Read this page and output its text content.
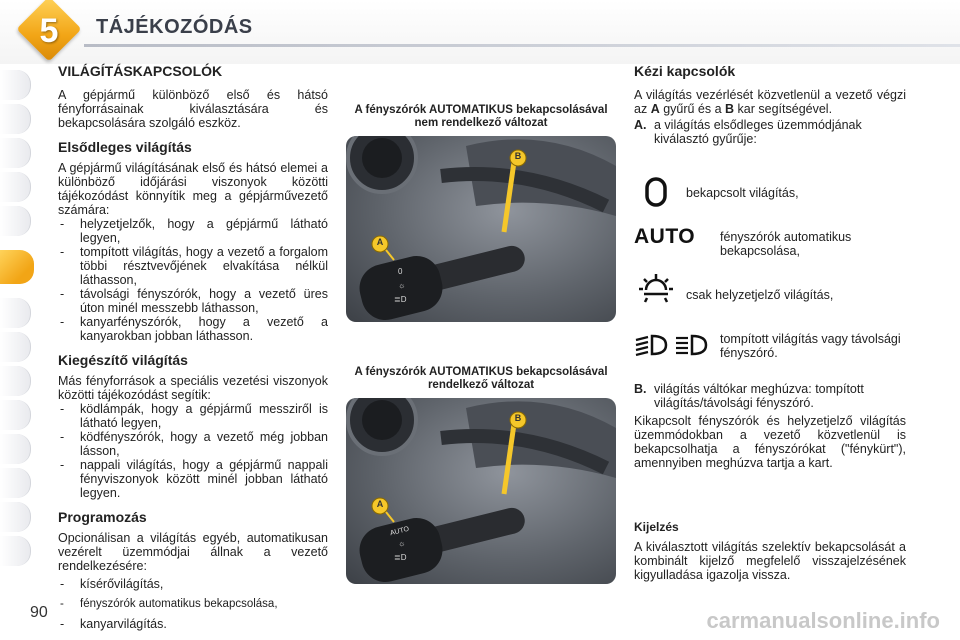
5	TÁJÉKOZÓDÁS
VILÁGÍTÁSKAPCSOLÓK

A gépjármű különböző első és hátsó fényforrásainak kiválasztására és bekapcsolására szolgáló eszköz.

Elsődleges világítás

A gépjármű világításának első és hátsó elemei a különböző időjárási viszonyok közötti tájékozódást könnyítik meg a gépjárművezető számára:

- helyzetjelzők, hogy a gépjármű látható legyen,
- tompított világítás, hogy a vezető a forgalom többi résztvevőjének elvakítása nélkül láthasson,
- távolsági fényszórók, hogy a vezető üres úton minél messzebb láthasson,
- kanyarfényszórók, hogy a vezető a kanyarokban jobban láthasson.
Kiegészítő világítás

Más fényforrások a speciális vezetési viszonyok közötti tájékozódást segítik:

- ködlámpák, hogy a gépjármű messziről is látható legyen,
- ködfényszórók, hogy a vezető még jobban lásson,
- nappali világítás, hogy a gépjármű nappali fényviszonyok között minél jobban látható legyen.
Programozás

Opcionálisan a világítás egyéb, automatikusan vezérelt üzemmódjai állnak a vezető rendelkezésére:

- kísérővilágítás,
- fényszórók automatikus bekapcsolása,
- kanyarvilágítás.
A fényszórók AUTOMATIKUS bekapcsolásával nem rendelkező változat
0
☼
≣D
B
A
A fényszórók AUTOMATIKUS bekapcsolásával rendelkező változat
☼
≣D
B
A
AUTO
Kézi kapcsolók

A világítás vezérlését közvetlenül a vezető végzi az A gyűrű és a B kar segítségével.

A. a világítás elsődleges üzemmódjának kiválasztó gyűrűje:
bekapcsolt világítás,
AUTO fényszórók automatikus bekapcsolása,
csak helyzetjelző világítás,
tompított világítás vagy távolsági fényszóró.
B. világítás váltókar meghúzva: tompított világítás/távolsági fényszóró.

Kikapcsolt fényszórók és helyzetjelző világítás üzemmódokban a vezető közvetlenül is bekapcsolhatja a fényszórókat ("fénykürt"), amennyiben meghúzva tartja a kart.

Kijelzés

A kiválasztott világítás szelektív bekapcsolását a kombinált kijelző megfelelő visszajelzésének kigyulladása igazolja vissza.

90	carmanualsonline.info
